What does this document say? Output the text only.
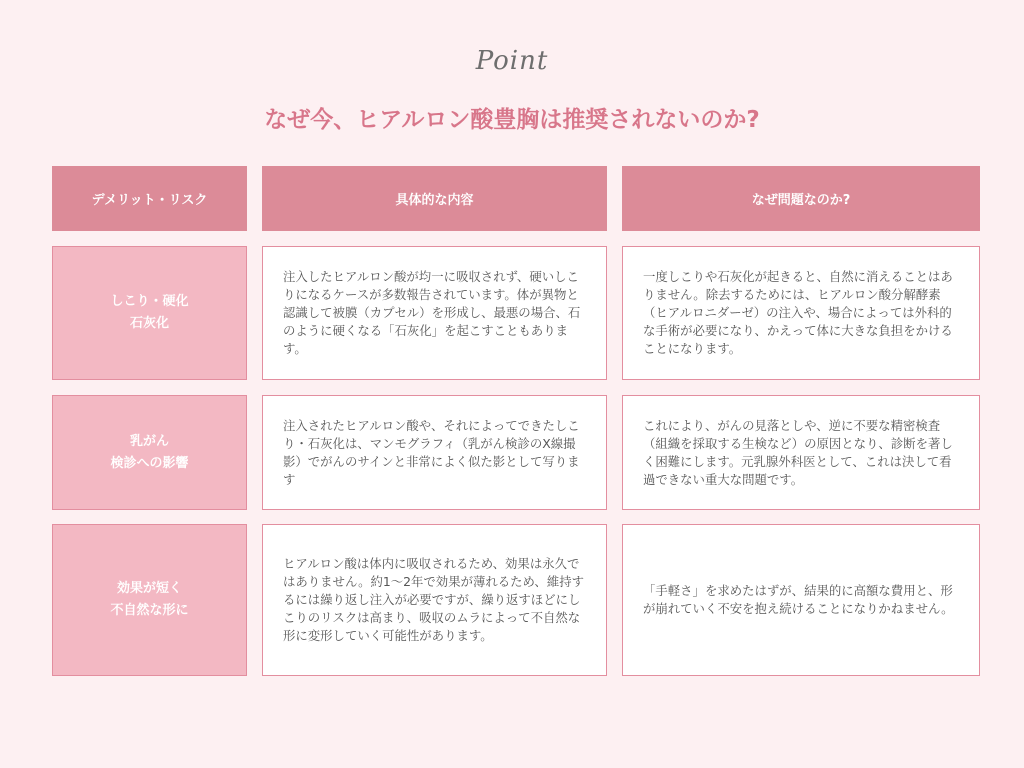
Point
なぜ今、ヒアルロン酸豊胸は推奨されないのか?
デメリット・リスク	具体的な内容	なぜ問題なのか?
しこり・硬化
石灰化
注入したヒアルロン酸が均一に吸収されず、硬いしこりになるケースが多数報告されています。体が異物と認識して被膜（カプセル）を形成し、最悪の場合、石のように硬くなる「石灰化」を起こすこともあります。
一度しこりや石灰化が起きると、自然に消えることはありません。除去するためには、ヒアルロン酸分解酵素（ヒアルロニダーゼ）の注入や、場合によっては外科的な手術が必要になり、かえって体に大きな負担をかけることになります。
乳がん
検診への影響
注入されたヒアルロン酸や、それによってできたしこり・石灰化は、マンモグラフィ（乳がん検診のX線撮影）でがんのサインと非常によく似た影として写ります
これにより、がんの見落としや、逆に不要な精密検査（組織を採取する生検など）の原因となり、診断を著しく困難にします。元乳腺外科医として、これは決して看過できない重大な問題です。
効果が短く
不自然な形に
ヒアルロン酸は体内に吸収されるため、効果は永久ではありません。約1〜2年で効果が薄れるため、維持するには繰り返し注入が必要ですが、繰り返すほどにしこりのリスクは高まり、吸収のムラによって不自然な形に変形していく可能性があります。
「手軽さ」を求めたはずが、結果的に高額な費用と、形が崩れていく不安を抱え続けることになりかねません。
